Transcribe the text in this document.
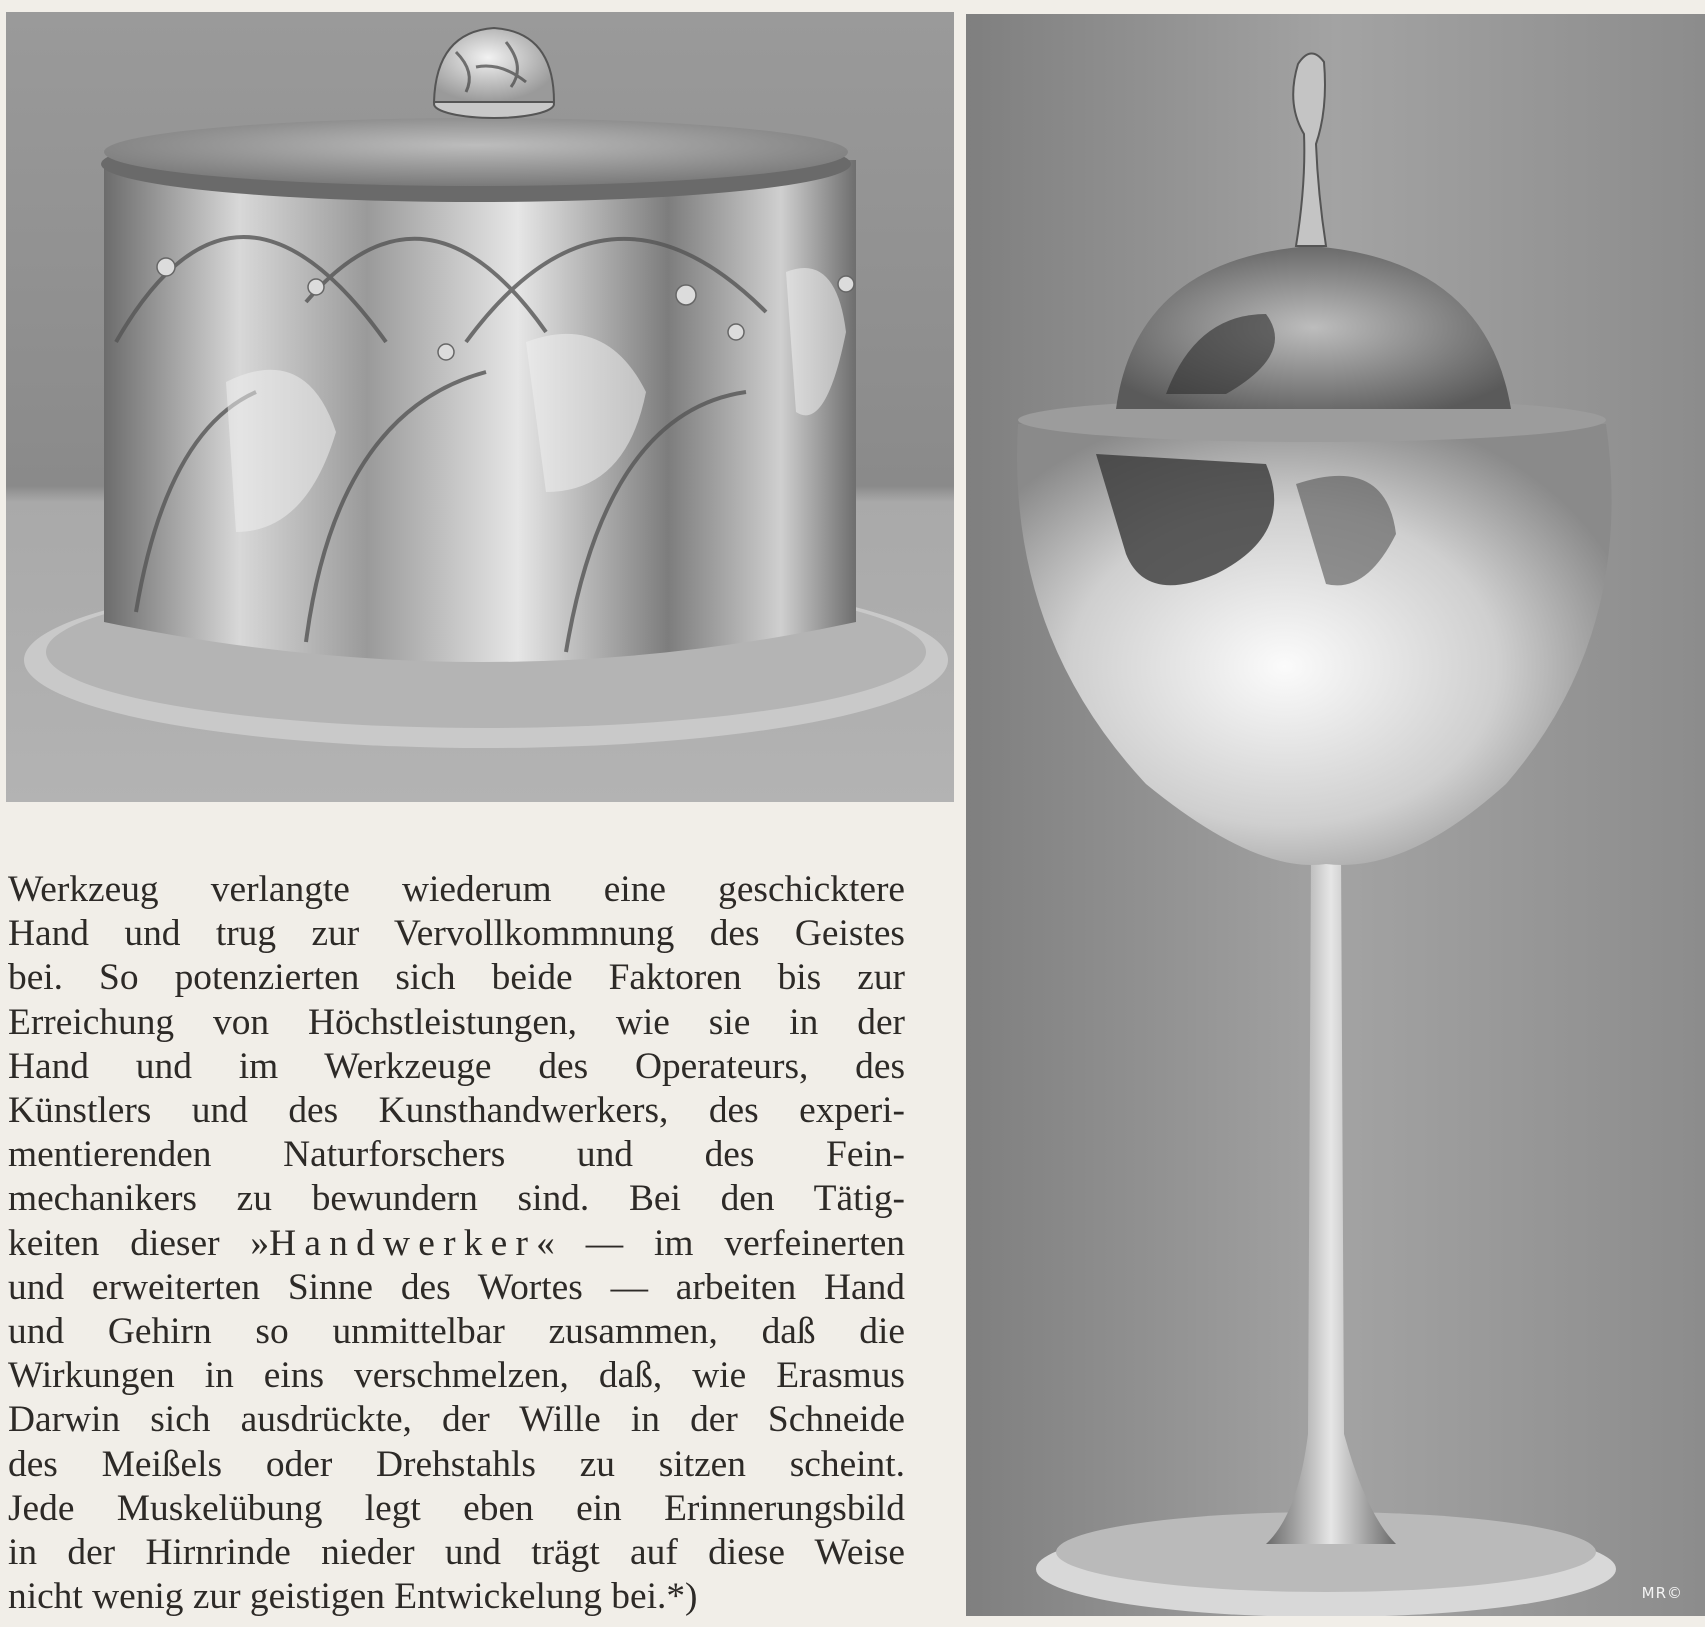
MR©
Werkzeug verlangte wiederum eine geschicktere
Hand und trug zur Vervollkommnung des Geistes
bei. So potenzierten sich beide Faktoren bis zur
Erreichung von Höchstleistungen, wie sie in der
Hand und im Werkzeuge des Operateurs, des
Künstlers und des Kunsthandwerkers, des experi-
mentierenden Naturforschers und des Fein-
mechanikers zu bewundern sind. Bei den Tätig-
keiten dieser »Handwerker« — im verfeinerten
und erweiterten Sinne des Wortes — arbeiten Hand
und Gehirn so unmittelbar zusammen, daß die
Wirkungen in eins verschmelzen, daß, wie Erasmus
Darwin sich ausdrückte, der Wille in der Schneide
des Meißels oder Drehstahls zu sitzen scheint.
Jede Muskelübung legt eben ein Erinnerungsbild
in der Hirnrinde nieder und trägt auf diese Weise
nicht wenig zur geistigen Entwickelung bei.*)
